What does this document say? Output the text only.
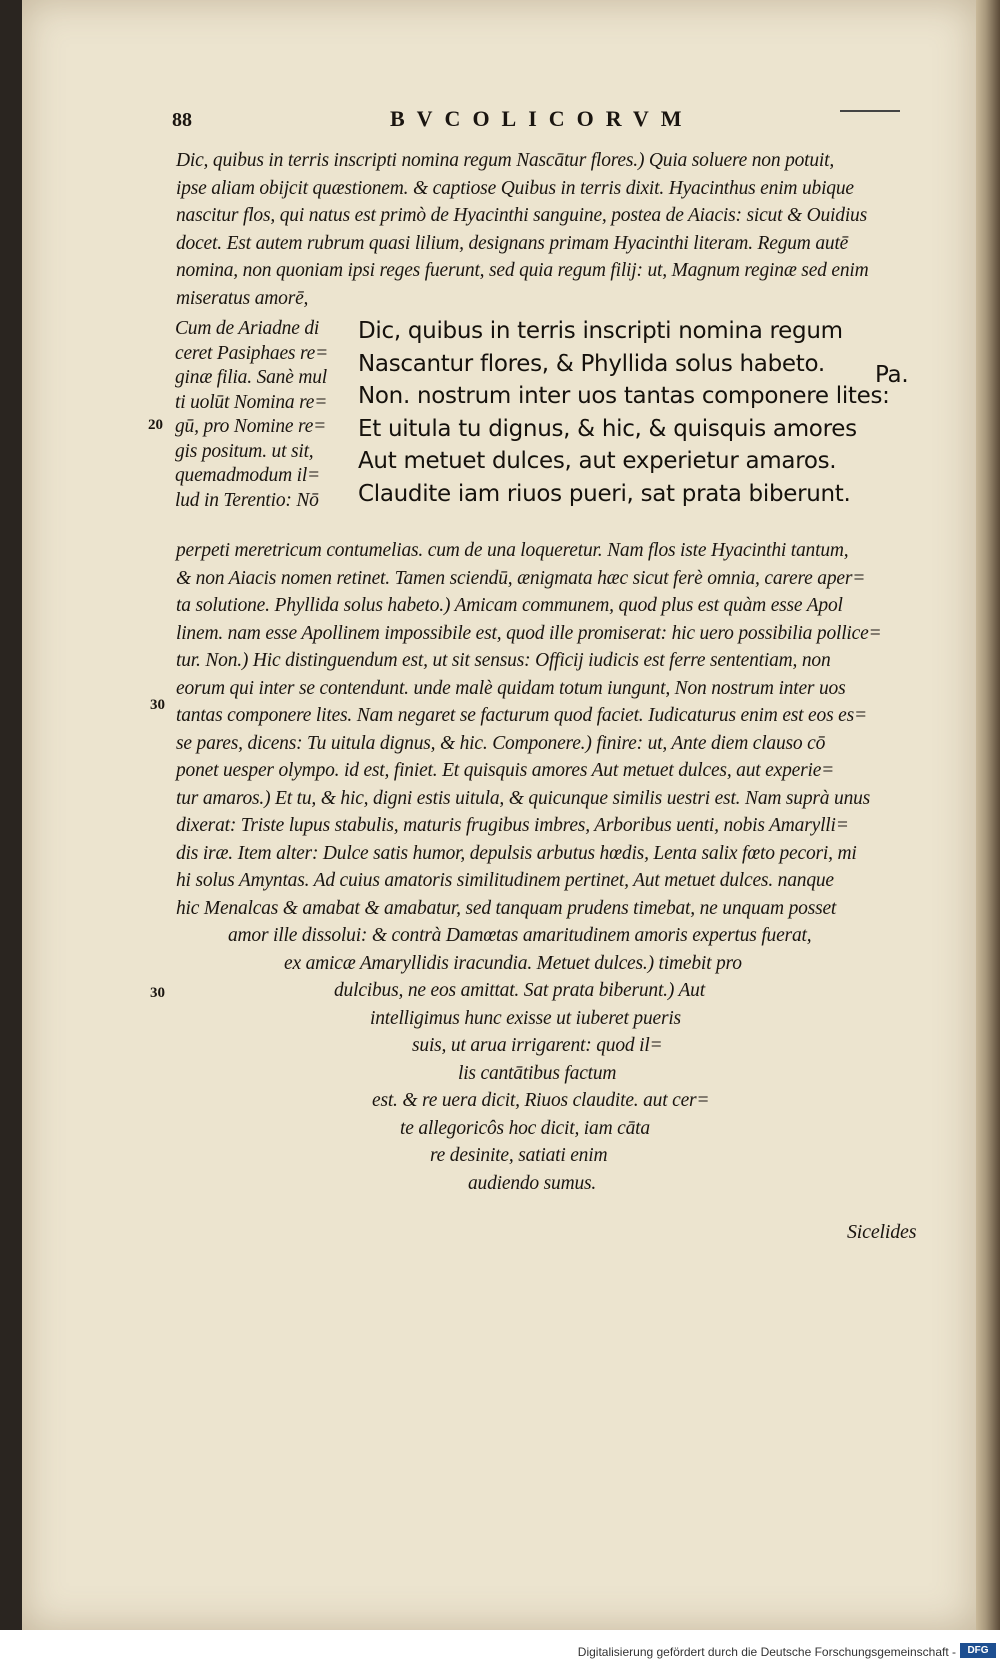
88	BVCOLICORVM
Dic, quibus in terris inscripti nomina regum Nascātur flores.) Quia soluere non potuit,
ipse aliam obijcit quæstionem. & captiose Quibus in terris dixit. Hyacinthus enim ubique
nascitur flos, qui natus est primò de Hyacinthi sanguine, postea de Aiacis: sicut & Ouidius
docet. Est autem rubrum quasi lilium, designans primam Hyacinthi literam. Regum autē
nomina, non quoniam ipsi reges fuerunt, sed quia regum filij: ut, Magnum reginæ sed enim
miseratus amorē,
Cum de Ariadne di
ceret Pasiphaes re=
ginæ filia. Sanè mul
ti uolūt Nomina re=
gū, pro Nomine re=
gis positum. ut sit,
quemadmodum il=
lud in Terentio: Nō
Dic, quibus in terris inscripti nomina regum
Nascantur flores, & Phyllida solus habeto.
Non. nostrum inter uos tantas componere lites:
Et uitula tu dignus, & hic, & quisquis amores
Aut metuet dulces, aut experietur amaros.
Claudite iam riuos pueri, sat prata biberunt.
Pa.
20
30
30
perpeti meretricum contumelias. cum de una loqueretur. Nam flos iste Hyacinthi tantum,
& non Aiacis nomen retinet. Tamen sciendū, ænigmata hæc sicut ferè omnia, carere aper=
ta solutione. Phyllida solus habeto.) Amicam communem, quod plus est quàm esse Apol
linem. nam esse Apollinem impossibile est, quod ille promiserat: hic uero possibilia pollice=
tur. Non.) Hic distinguendum est, ut sit sensus: Officij iudicis est ferre sententiam, non
eorum qui inter se contendunt. unde malè quidam totum iungunt, Non nostrum inter uos
tantas componere lites. Nam negaret se facturum quod faciet. Iudicaturus enim est eos es=
se pares, dicens: Tu uitula dignus, & hic. Componere.) finire: ut, Ante diem clauso cō
ponet uesper olympo. id est, finiet. Et quisquis amores Aut metuet dulces, aut experie=
tur amaros.) Et tu, & hic, digni estis uitula, & quicunque similis uestri est. Nam suprà unus
dixerat: Triste lupus stabulis, maturis frugibus imbres, Arboribus uenti, nobis Amarylli=
dis iræ. Item alter: Dulce satis humor, depulsis arbutus hœdis, Lenta salix fœto pecori, mi
hi solus Amyntas. Ad cuius amatoris similitudinem pertinet, Aut metuet dulces. nanque
hic Menalcas & amabat & amabatur, sed tanquam prudens timebat, ne unquam posset
amor ille dissolui: & contrà Damœtas amaritudinem amoris expertus fuerat,
ex amicæ Amaryllidis iracundia. Metuet dulces.) timebit pro
dulcibus, ne eos amittat. Sat prata biberunt.) Aut
intelligimus hunc exisse ut iuberet pueris
suis, ut arua irrigarent: quod il=
lis cantātibus factum
est. & re uera dicit, Riuos claudite. aut cer=
te allegoricôs hoc dicit, iam cāta
re desinite, satiati enim
audiendo sumus.
Sicelides
Digitalisierung gefördert durch die Deutsche Forschungsgemeinschaft -	DFG
